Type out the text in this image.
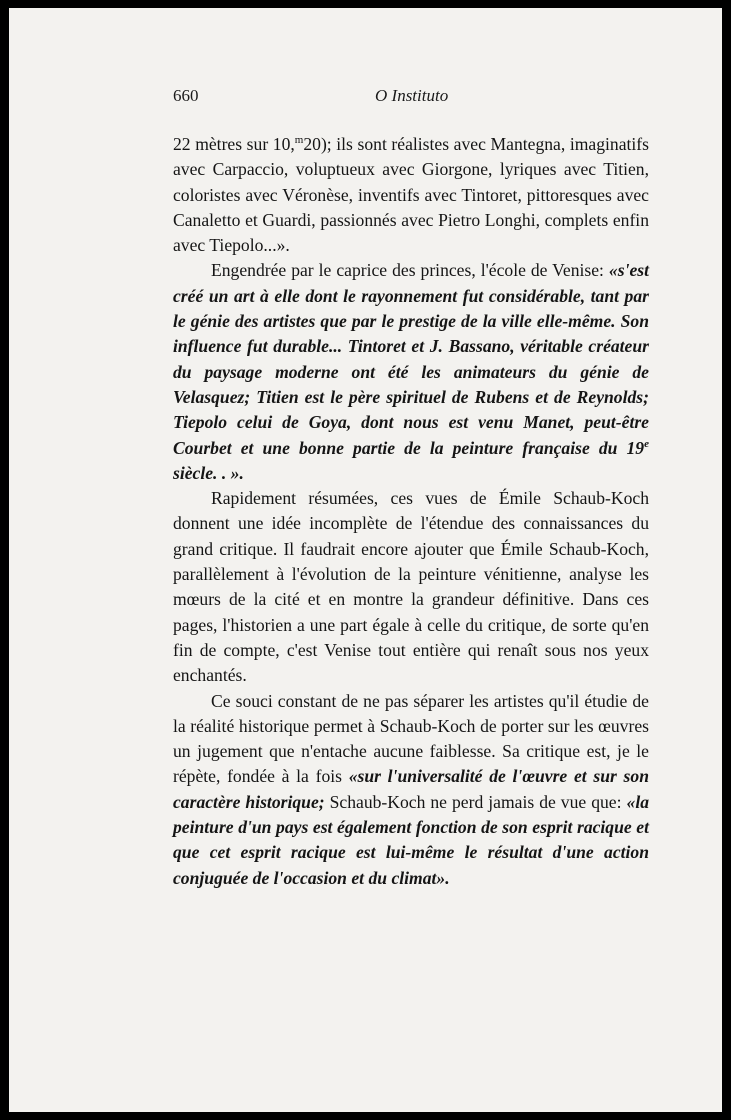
660	O Instituto

22 mètres sur 10,$^m$20); ils sont réalistes avec Mantegna, imaginatifs avec Carpaccio, voluptueux avec Giorgone, lyriques avec Titien, coloristes avec Véronèse, inventifs avec Tintoret, pittoresques avec Canaletto et Guardi, passionnés avec Pietro Longhi, complets enfin avec Tiepolo...».

Engendrée par le caprice des princes, l'école de Venise: «s'est créé un art à elle dont le rayonnement fut considérable, tant par le génie des artistes que par le prestige de la ville elle-même. Son influence fut durable... Tintoret et J. Bassano, véritable créateur du paysage moderne ont été les animateurs du génie de Velasquez; Titien est le père spirituel de Rubens et de Reynolds; Tiepolo celui de Goya, dont nous est venu Manet, peut-être Courbet et une bonne partie de la peinture française du 19e siècle. . ».

Rapidement résumées, ces vues de Émile Schaub-Koch donnent une idée incomplète de l'étendue des connaissances du grand critique. Il faudrait encore ajouter que Émile Schaub-Koch, parallèlement à l'évolution de la peinture vénitienne, analyse les mœurs de la cité et en montre la grandeur définitive. Dans ces pages, l'historien a une part égale à celle du critique, de sorte qu'en fin de compte, c'est Venise tout entière qui renaît sous nos yeux enchantés.

Ce souci constant de ne pas séparer les artistes qu'il étudie de la réalité historique permet à Schaub-Koch de porter sur les œuvres un jugement que n'entache aucune faiblesse. Sa critique est, je le répète, fondée à la fois «sur l'universalité de l'œuvre et sur son caractère historique; Schaub-Koch ne perd jamais de vue que: «la peinture d'un pays est également fonction de son esprit racique et que cet esprit racique est lui-même le résultat d'une action conjuguée de l'occasion et du climat».
